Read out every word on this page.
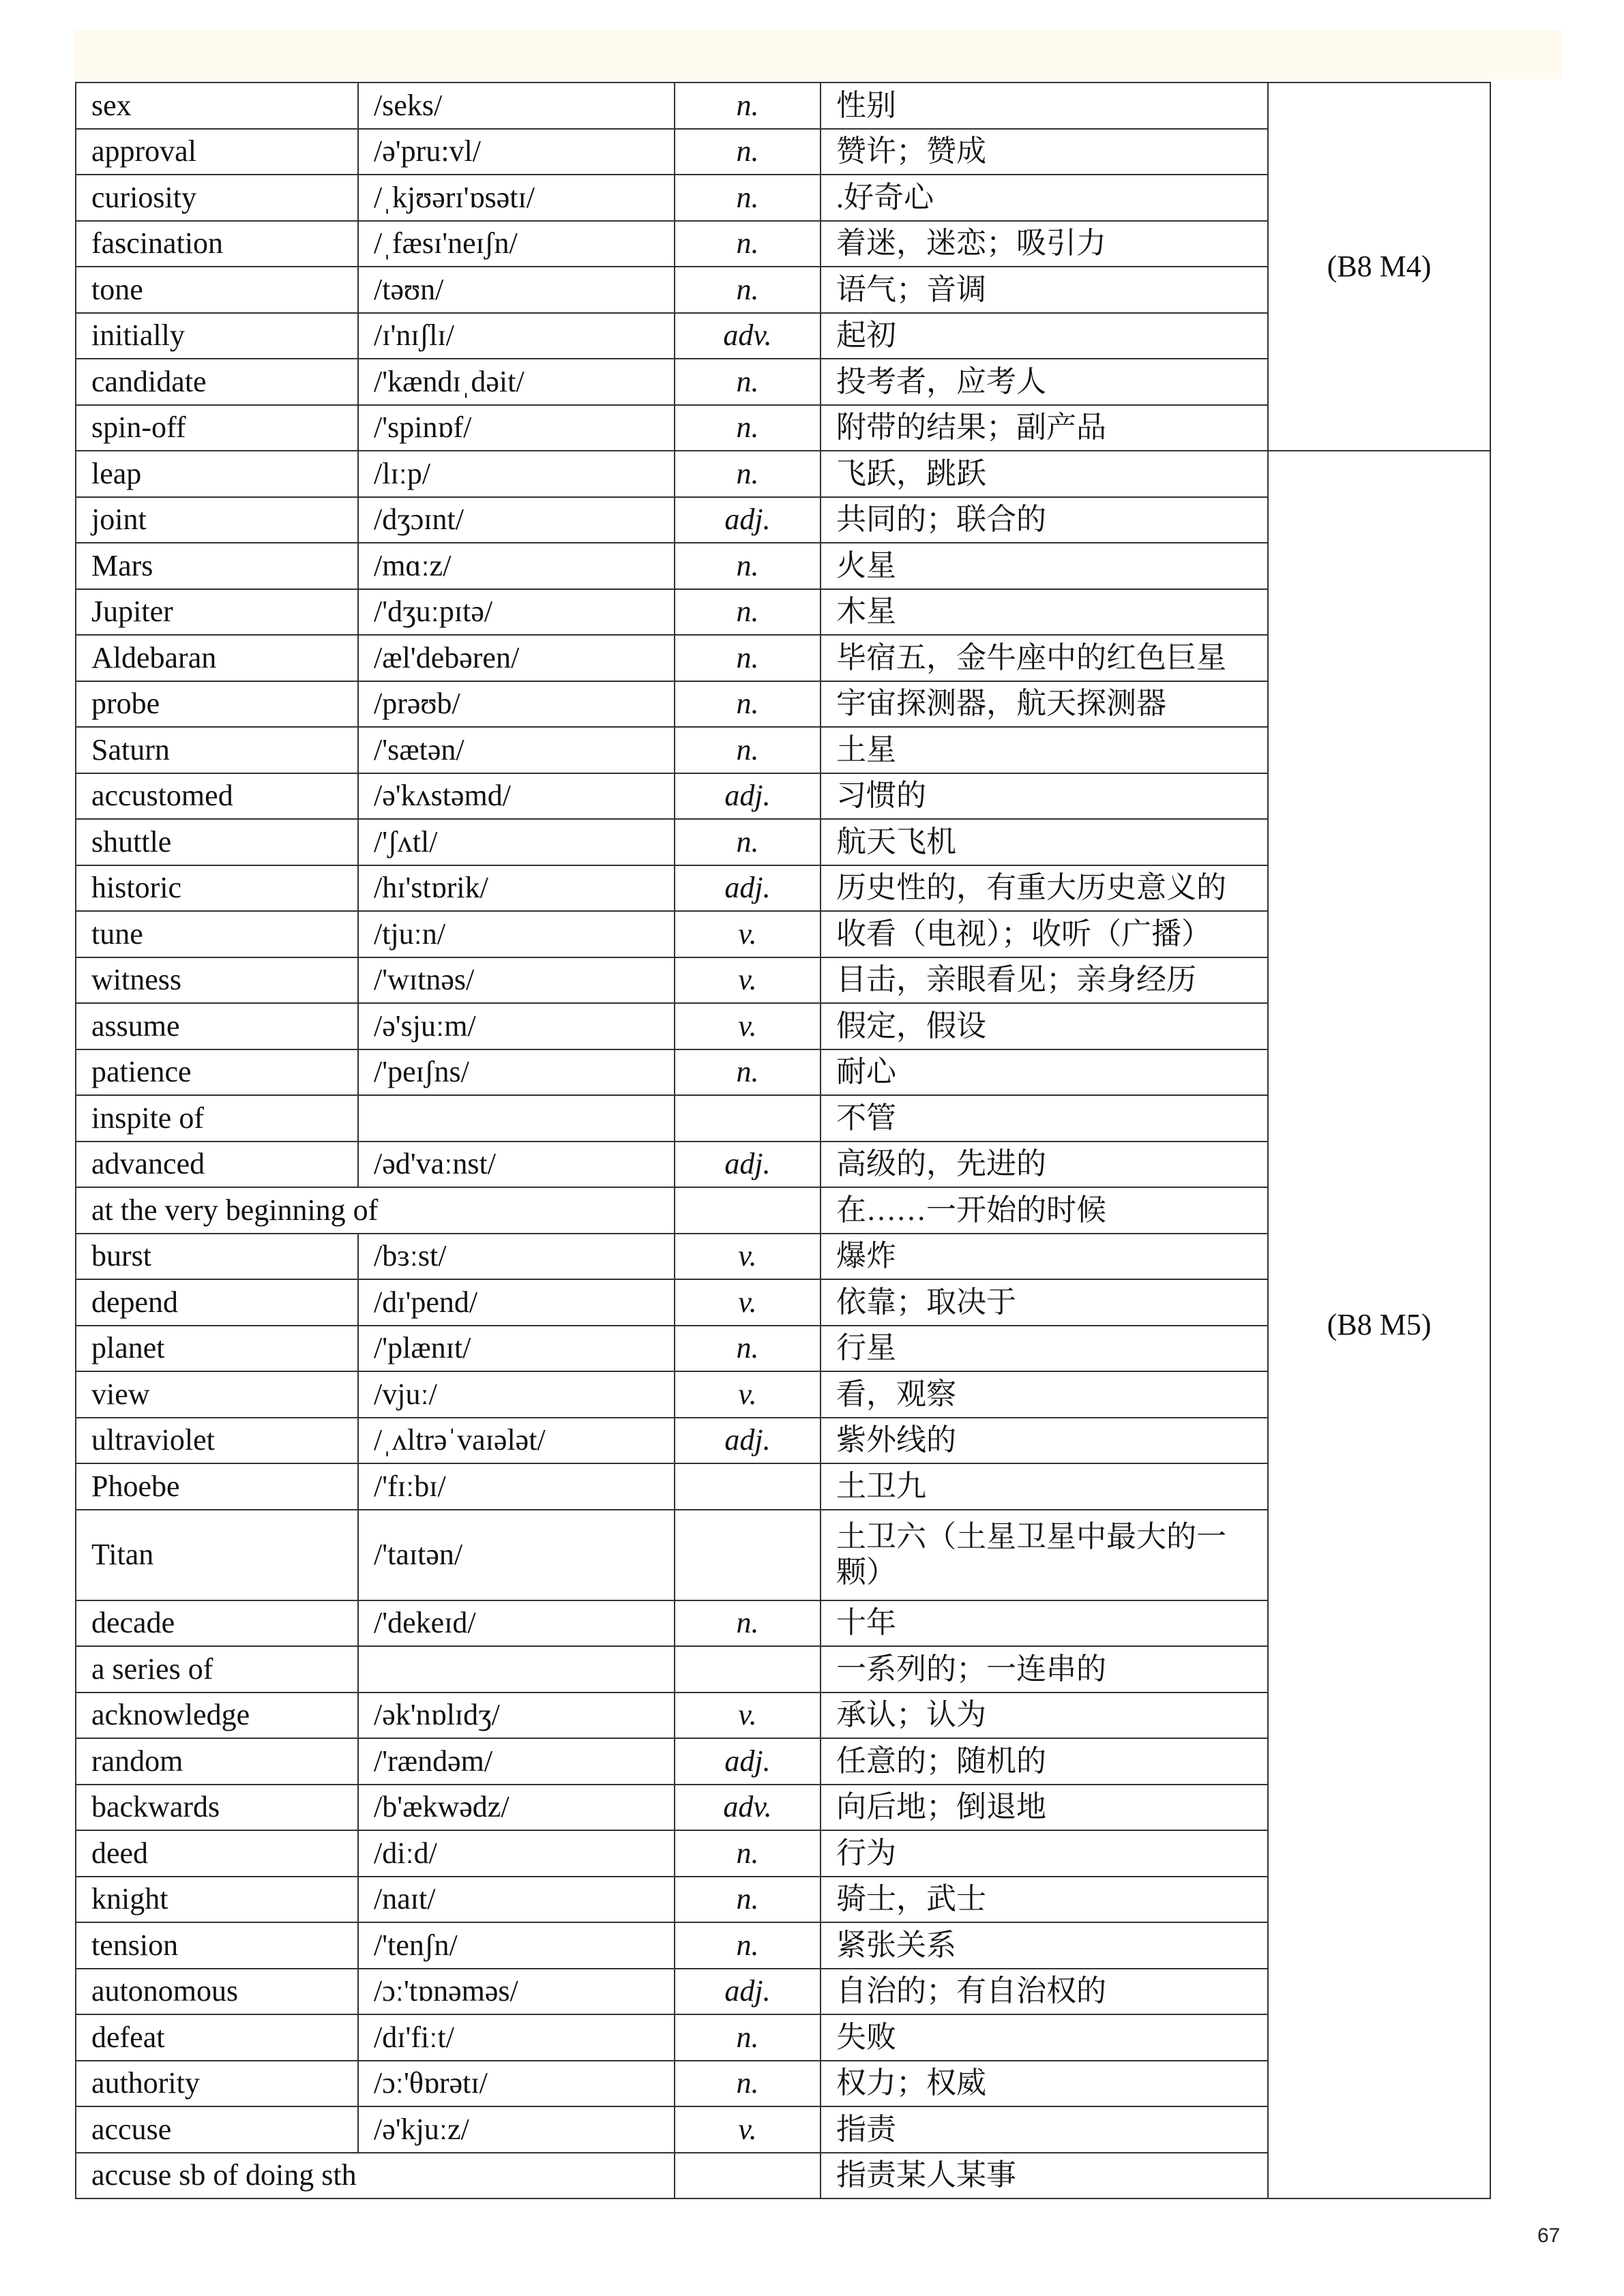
sex	/seks/	n.	性别	(B8 M4)
approval	/ə'pru:vl/	n.	赞许；赞成	
curiosity	/ˌkjʊərɪ'ɒsətɪ/	n.	.好奇心	
fascination	/ˌfæsɪ'neɪʃn/	n.	着迷，迷恋；吸引力	
tone	/təʊn/	n.	语气；音调	
initially	/ɪ'nɪʃlɪ/	adv.	起初	
candidate	/'kændɪˌdəit/	n.	投考者，应考人	
spin-off	/'spinɒf/	n.	附带的结果；副产品	
leap	/lɪːp/	n.	飞跃，跳跃	(B8 M5)
joint	/dʒɔɪnt/	adj.	共同的；联合的	
Mars	/mɑːz/	n.	火星	
Jupiter	/'dʒuːpɪtə/	n.	木星	
Aldebaran	/æl'debəren/	n.	毕宿五，金牛座中的红色巨星	
probe	/prəʊb/	n.	宇宙探测器，航天探测器	
Saturn	/'sætən/	n.	土星	
accustomed	/ə'kʌstəmd/	adj.	习惯的	
shuttle	/'ʃʌtl/	n.	航天飞机	
historic	/hɪ'stɒrik/	adj.	历史性的，有重大历史意义的	
tune	/tjuːn/	v.	收看（电视）；收听（广播）	
witness	/'wɪtnəs/	v.	目击，亲眼看见；亲身经历	
assume	/ə'sjuːm/	v.	假定，假设	
patience	/'peɪʃns/	n.	耐心	
inspite of			不管	
advanced	/əd'vaːnst/	adj.	高级的，先进的	
at the very beginning of			在……一开始的时候	
burst	/bɜːst/	v.	爆炸	
depend	/dɪ'pend/	v.	依靠；取决于	
planet	/'plænɪt/	n.	行星	
view	/vjuː/	v.	看，观察	
ultraviolet	/ˌʌltrəˈvaɪələt/	adj.	紫外线的	
Phoebe	/'fɪːbɪ/		土卫九	
Titan	/'taɪtən/		土卫六（土星卫星中最大的一颗）	
decade	/'dekeɪd/	n.	十年	
a series of			一系列的；一连串的	
acknowledge	/ək'nɒlɪdʒ/	v.	承认；认为	
random	/'rændəm/	adj.	任意的；随机的	
backwards	/b'ækwədz/	adv.	向后地；倒退地	
deed	/diːd/	n.	行为	
knight	/naɪt/	n.	骑士，武士	
tension	/'tenʃn/	n.	紧张关系	
autonomous	/ɔː'tɒnəməs/	adj.	自治的；有自治权的	
defeat	/dɪ'fiːt/	n.	失败	
authority	/ɔː'θɒrətɪ/	n.	权力；权威	
accuse	/ə'kjuːz/	v.	指责	
accuse sb of doing sth			指责某人某事	
67
